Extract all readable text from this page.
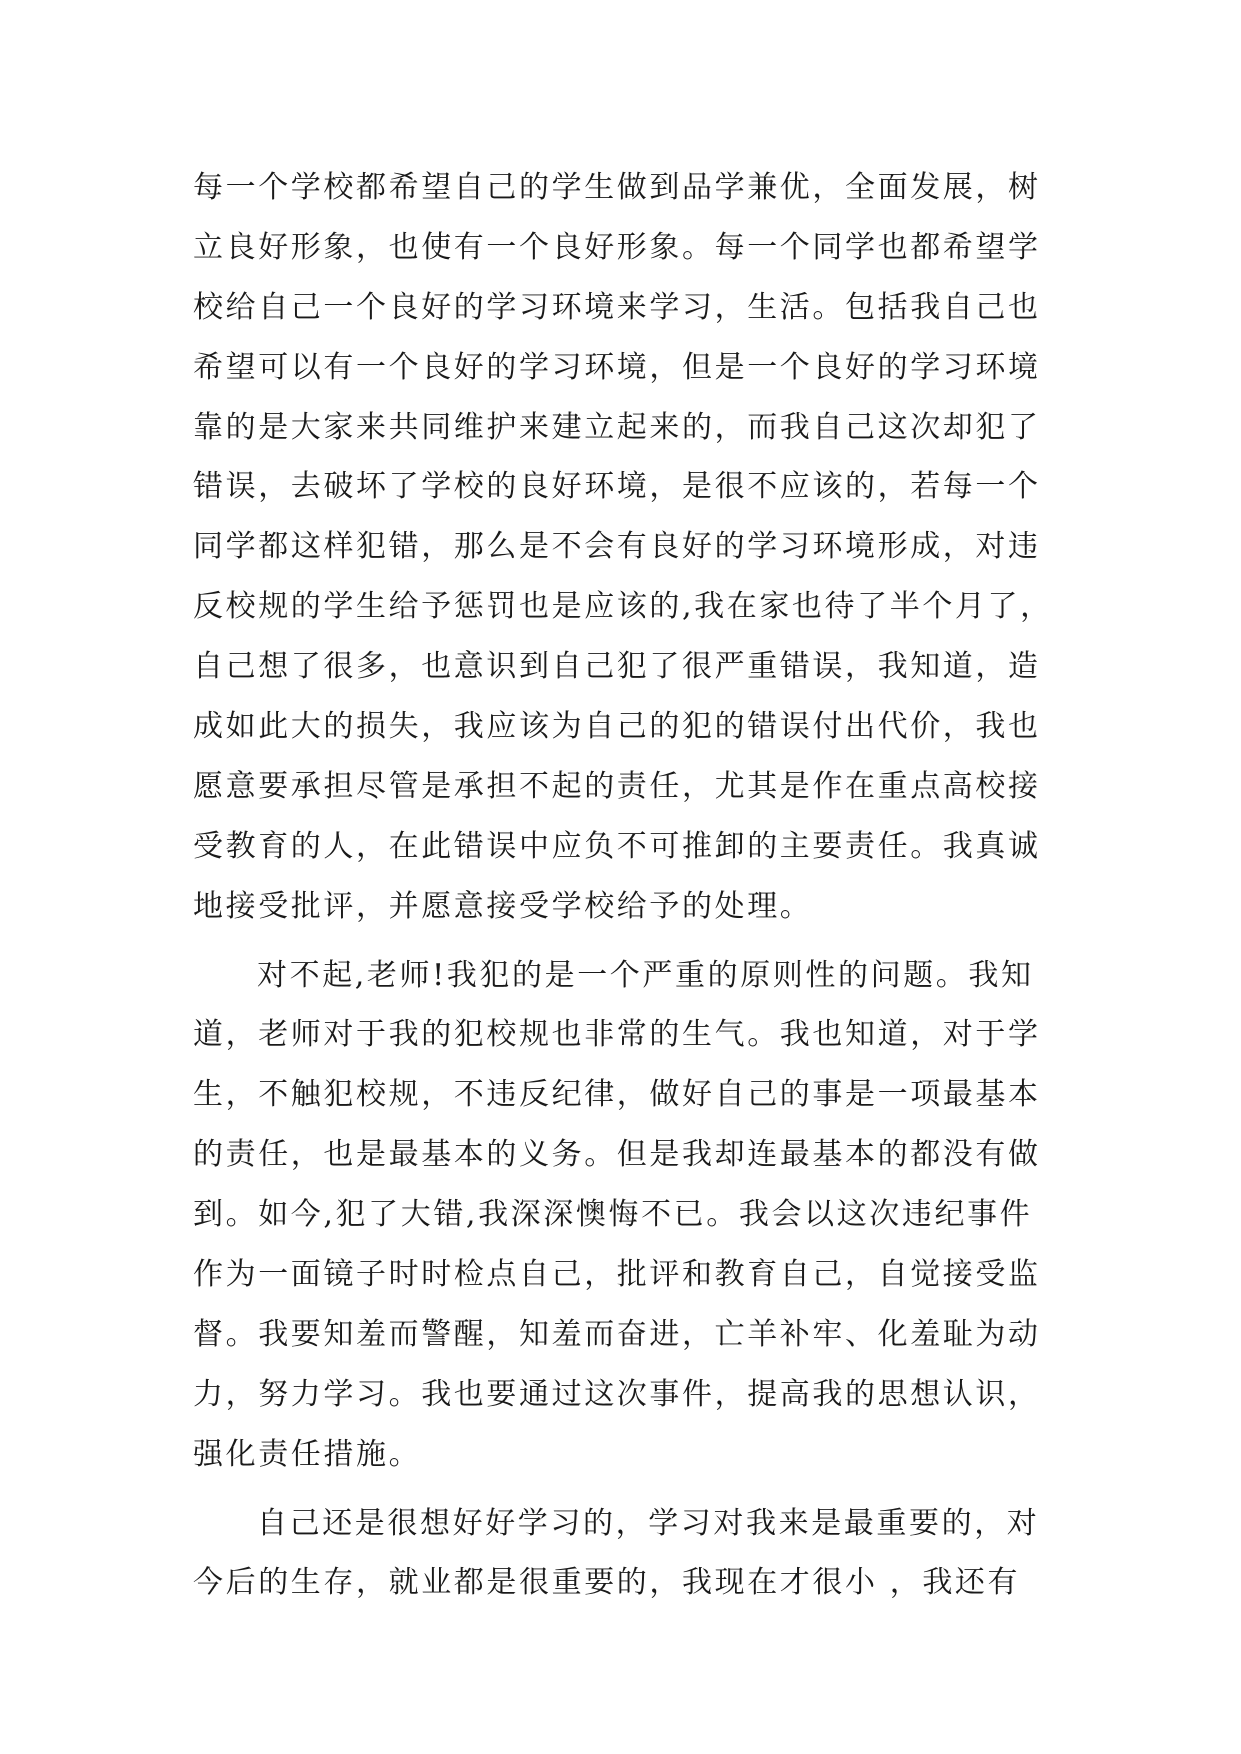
每一个学校都希望自己的学生做到品学兼优，全面发展，树
立良好形象，也使有一个良好形象。每一个同学也都希望学
校给自己一个良好的学习环境来学习，生活。包括我自己也
希望可以有一个良好的学习环境，但是一个良好的学习环境
靠的是大家来共同维护来建立起来的，而我自己这次却犯了
错误，去破坏了学校的良好环境，是很不应该的，若每一个
同学都这样犯错，那么是不会有良好的学习环境形成，对违
反校规的学生给予惩罚也是应该的,我在家也待了半个月了，
自己想了很多，也意识到自己犯了很严重错误，我知道，造
成如此大的损失，我应该为自己的犯的错误付出代价，我也
愿意要承担尽管是承担不起的责任，尤其是作在重点高校接
受教育的人，在此错误中应负不可推卸的主要责任。我真诚
地接受批评，并愿意接受学校给予的处理。
对不起,老师!我犯的是一个严重的原则性的问题。我知
道，老师对于我的犯校规也非常的生气。我也知道，对于学
生，不触犯校规，不违反纪律，做好自己的事是一项最基本
的责任，也是最基本的义务。但是我却连最基本的都没有做
到。如今,犯了大错,我深深懊悔不已。我会以这次违纪事件
作为一面镜子时时检点自己，批评和教育自己，自觉接受监
督。我要知羞而警醒，知羞而奋进，亡羊补牢、化羞耻为动
力，努力学习。我也要通过这次事件，提高我的思想认识，
强化责任措施。
自己还是很想好好学习的，学习对我来是最重要的，对
今后的生存，就业都是很重要的，我现在才很小 ，我还有
